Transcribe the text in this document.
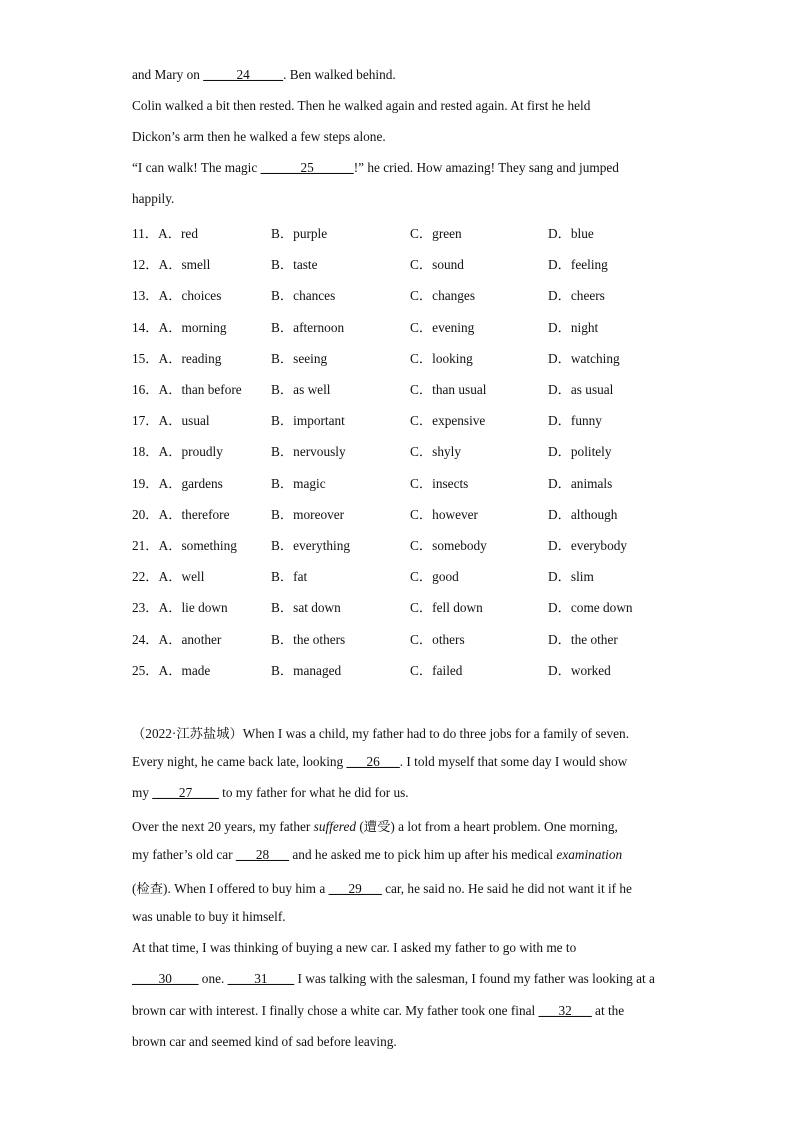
and Mary on _____24_____. Ben walked behind.
Colin walked a bit then rested. Then he walked again and rested again. At first he held
Dickon’s arm then he walked a few steps alone.
“I can walk! The magic ______25______!” he cried. How amazing! They sang and jumped
happily.
11．A．red	B．purple	C．green	D．blue
12．A．smell	B．taste	C．sound	D．feeling
13．A．choices	B．chances	C．changes	D．cheers
14．A．morning	B．afternoon	C．evening	D．night
15．A．reading	B．seeing	C．looking	D．watching
16．A．than before B．as well	C．than usual	D．as usual
17．A．usual	B．important	C．expensive	D．funny
18．A．proudly	B．nervously	C．shyly	D．politely
19．A．gardens	B．magic	C．insects	D．animals
20．A．therefore	B．moreover	C．however	D．although
21．A．something	B．everything	C．somebody	D．everybody
22．A．well	B．fat	C．good	D．slim
23．A．lie down	B．sat down	C．fell down	D．come down
24．A．another	B．the others	C．others	D．the other
25．A．made	B．managed	C．failed	D．worked
（2022·江苏盐城）When I was a child, my father had to do three jobs for a family of seven.
Every night, he came back late, looking ___26___. I told myself that some day I would show
my ____27____ to my father for what he did for us.
Over the next 20 years, my father suffered (遭受) a lot from a heart problem. One morning,
my father’s old car ___28___ and he asked me to pick him up after his medical examination
(检查). When I offered to buy him a ___29___ car, he said no. He said he did not want it if he
was unable to buy it himself.
At that time, I was thinking of buying a new car. I asked my father to go with me to
____30____ one. ____31____ I was talking with the salesman, I found my father was looking at a
brown car with interest. I finally chose a white car. My father took one final ___32___ at the
brown car and seemed kind of sad before leaving.
